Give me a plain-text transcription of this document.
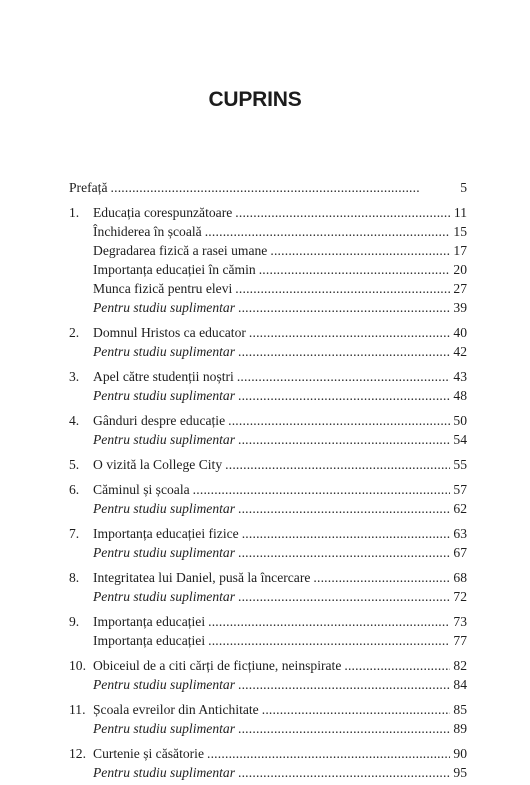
CUPRINS
Prefață . . .	5
1. Educația corespunzătoare . . .	11
Închiderea în școală . . .	15
Degradarea fizică a rasei umane . . .	17
Importanța educației în cămin . . .	20
Munca fizică pentru elevi . . .	27
Pentru studiu suplimentar . . .	39
2. Domnul Hristos ca educator . . .	40
Pentru studiu suplimentar . . .	42
3. Apel către studenții noștri . . .	43
Pentru studiu suplimentar . . .	48
4. Gânduri despre educație . . .	50
Pentru studiu suplimentar . . .	54
5. O vizită la College City . . .	55
6. Căminul și școala . . .	57
Pentru studiu suplimentar . . .	62
7. Importanța educației fizice . . .	63
Pentru studiu suplimentar . . .	67
8. Integritatea lui Daniel, pusă la încercare . . .	68
Pentru studiu suplimentar . . .	72
9. Importanța educației . . .	73
Importanța educației . . .	77
10. Obiceiul de a citi cărți de ficțiune, neinspirate . . .	82
Pentru studiu suplimentar . . .	84
11. Școala evreilor din Antichitate . . .	85
Pentru studiu suplimentar . . .	89
12. Curtenie și căsătorie . . .	90
Pentru studiu suplimentar . . .	95
